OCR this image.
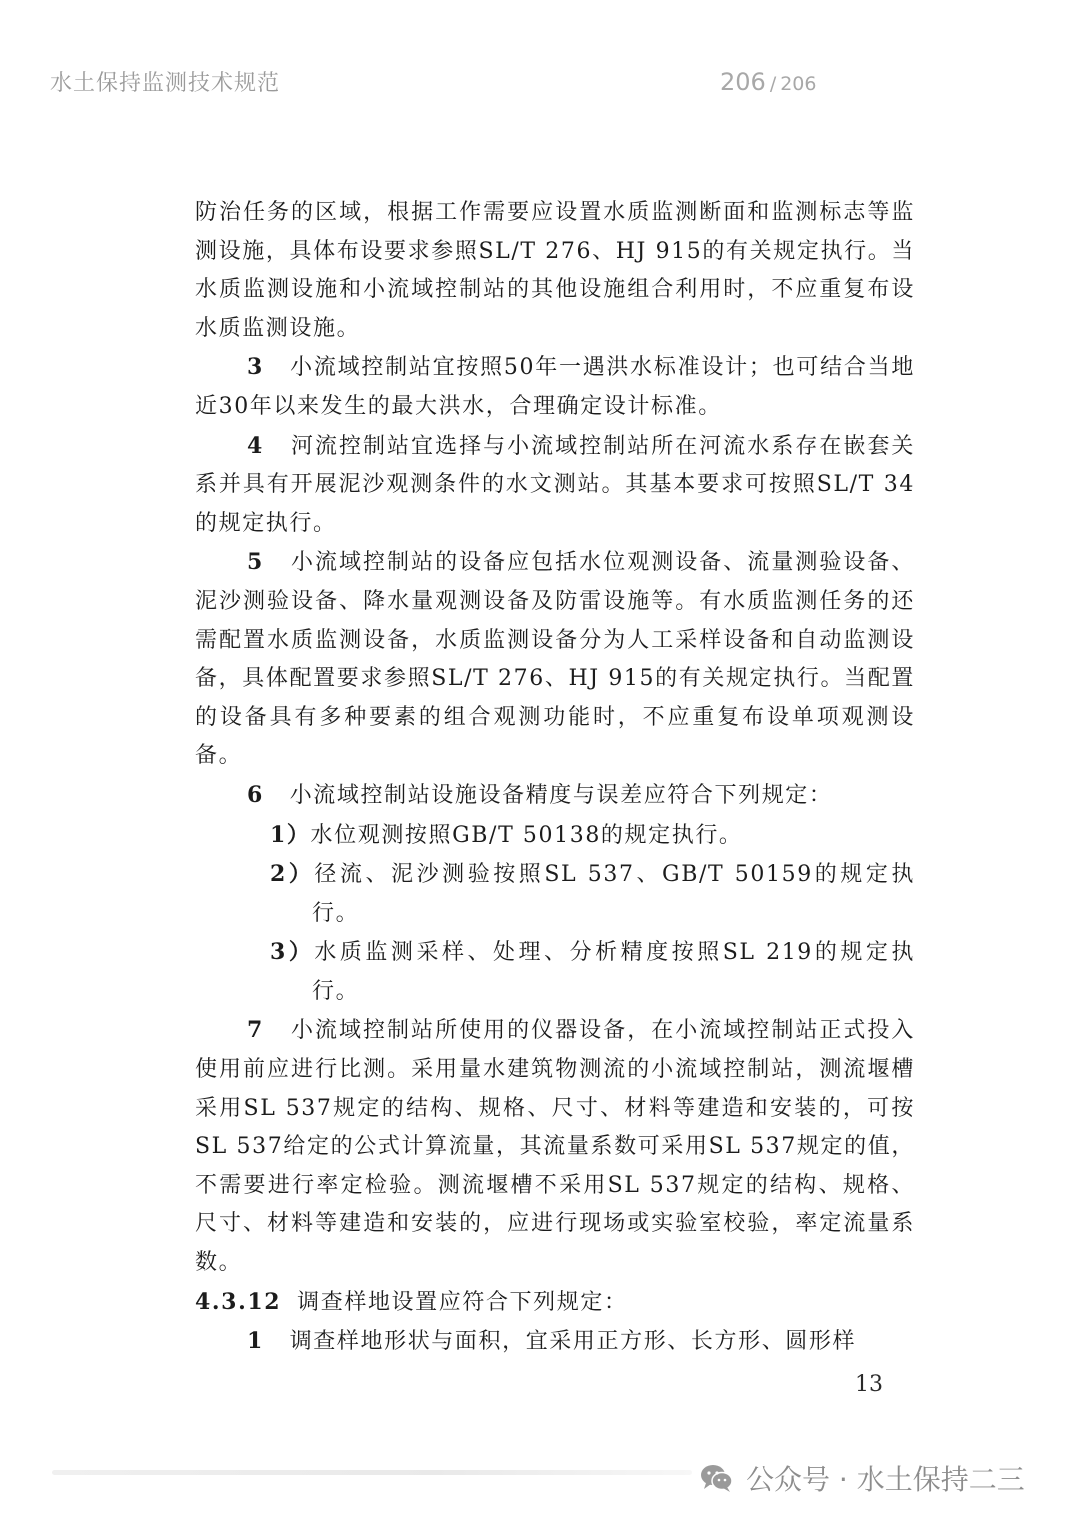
水土保持监测技术规范	206 / 206

防治任务的区域，根据工作需要应设置水质监测断面和监测标志等监测设施，具体布设要求参照SL/T 276、HJ 915的有关规定执行。当水质监测设施和小流域控制站的其他设施组合利用时，不应重复布设水质监测设施。

3 小流域控制站宜按照50年一遇洪水标准设计；也可结合当地近30年以来发生的最大洪水，合理确定设计标准。

4 河流控制站宜选择与小流域控制站所在河流水系存在嵌套关系并具有开展泥沙观测条件的水文测站。其基本要求可按照SL/T 34的规定执行。

5 小流域控制站的设备应包括水位观测设备、流量测验设备、泥沙测验设备、降水量观测设备及防雷设施等。有水质监测任务的还需配置水质监测设备，水质监测设备分为人工采样设备和自动监测设备，具体配置要求参照SL/T 276、HJ 915的有关规定执行。当配置的设备具有多种要素的组合观测功能时，不应重复布设单项观测设备。

6 小流域控制站设施设备精度与误差应符合下列规定：

1）水位观测按照GB/T 50138的规定执行。

2）径流、泥沙测验按照SL 537、GB/T 50159的规定执行。

3）水质监测采样、处理、分析精度按照SL 219的规定执行。

7 小流域控制站所使用的仪器设备，在小流域控制站正式投入使用前应进行比测。采用量水建筑物测流的小流域控制站，测流堰槽采用SL 537规定的结构、规格、尺寸、材料等建造和安装的，可按SL 537给定的公式计算流量，其流量系数可采用SL 537规定的值，不需要进行率定检验。测流堰槽不采用SL 537规定的结构、规格、尺寸、材料等建造和安装的，应进行现场或实验室校验，率定流量系数。

4.3.12 调查样地设置应符合下列规定：

1 调查样地形状与面积，宜采用正方形、长方形、圆形样

13
公众号 · 水土保持二三
